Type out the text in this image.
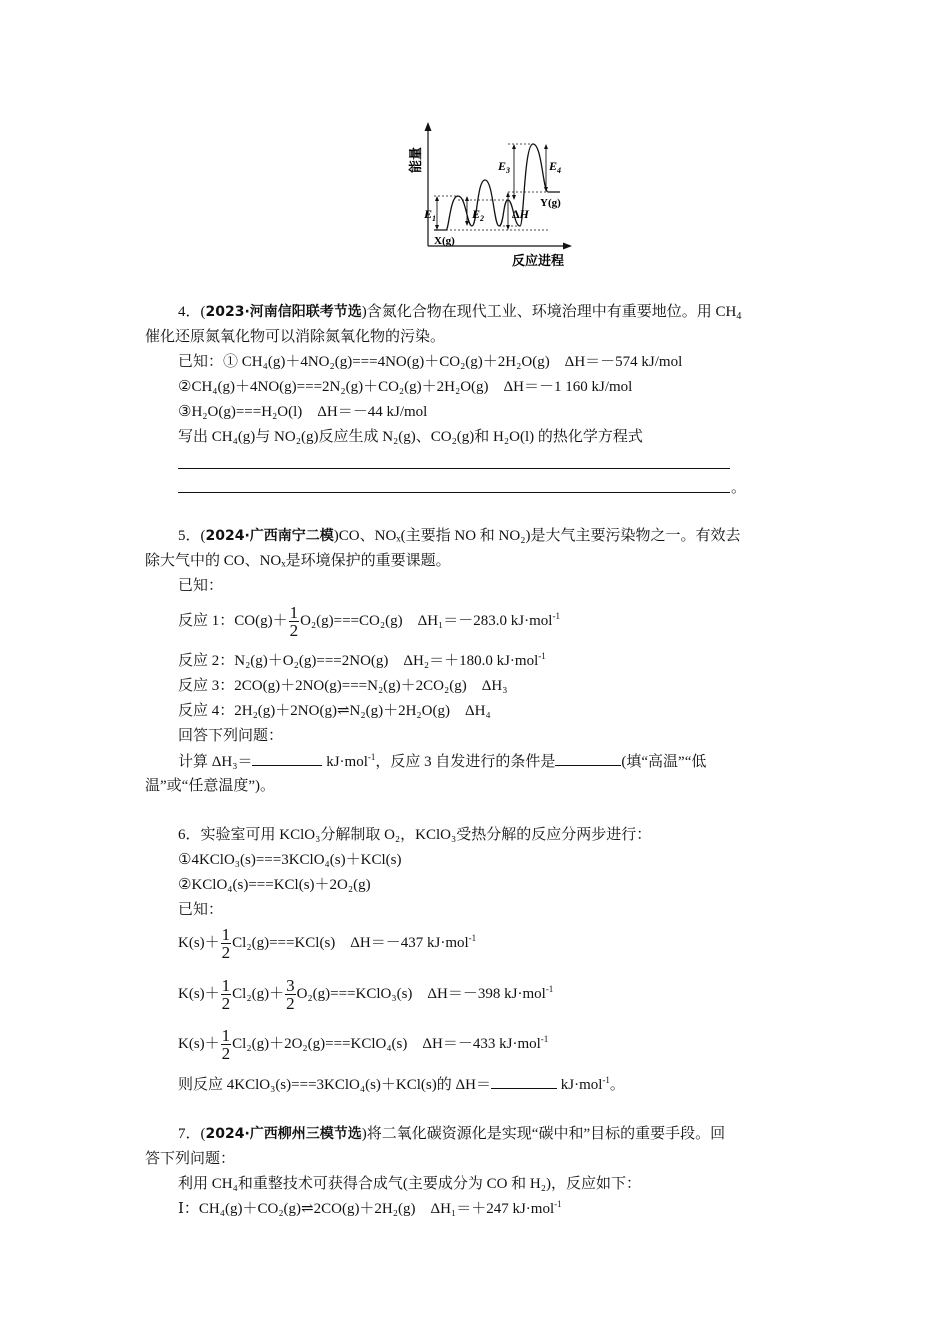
能量
$E_1$	$E_2$
$E_3$	$E_4$
ΔH
X(g)
Y(g)
反应进程
4．(2023·河南信阳联考节选)含氮化合物在现代工业、环境治理中有重要地位。用 $CH_4$
催化还原氮氧化物可以消除氮氧化物的污染。
已知：① CH₄(g)＋4NO₂(g)===4NO(g)＋CO₂(g)＋2H₂O(g)　ΔH＝－574 kJ/mol
②CH₄(g)＋4NO(g)===2N₂(g)＋CO₂(g)＋2H₂O(g)　ΔH＝－1 160 kJ/mol
③H₂O(g)===H₂O(l)　ΔH＝－44 kJ/mol
写出 CH₄(g)与 NO₂(g)反应生成 N₂(g)、CO₂(g)和 H₂O(l) 的热化学方程式
。
5．(2024·广西南宁二模)CO、NOₓ(主要指 NO 和 NO₂)是大气主要污染物之一。有效去
除大气中的 CO、NOₓ是环境保护的重要课题。
已知：
反应 1：$CO(g)+ \frac{1}{2} O_2(g)===CO_2(g)$　ΔH₁＝－283.0 kJ·mol$^{-1}$
反应 2：N₂(g)＋O₂(g)===2NO(g)　ΔH₂＝＋180.0 kJ·mol$^{-1}$
反应 3：2CO(g)＋2NO(g)===N₂(g)＋2CO₂(g)　ΔH₃
反应 4：2H₂(g)＋2NO(g)⇌N₂(g)＋2H₂O(g)　ΔH₄
回答下列问题：
计算 ΔH₃＝	kJ·mol$^{-1}$，反应 3 自发进行的条件是	(填“高温”“低
温”或“任意温度”)。
6．实验室可用 KClO₃分解制取 O₂，KClO₃受热分解的反应分两步进行：
①4KClO₃(s)===3KClO₄(s)＋KCl(s)
②KClO₄(s)===KCl(s)＋2O₂(g)
已知：
$K(s)+ \frac{1}{2} Cl_2(g)===KCl(s)$　ΔH＝－437 kJ·mol$^{-1}$
$K(s)+ \frac{1}{2} Cl_2(g)+ \frac{3}{2}$ O₂(g)===KClO₃(s)　ΔH＝－398 kJ·mol$^{-1}$
$K(s)+ \frac{1}{2}$ Cl₂(g)＋2O₂(g)===KClO₄(s)　ΔH＝－433 kJ·mol$^{-1}$
则反应 4KClO₃(s)===3KClO₄(s)＋KCl(s)的 ΔH＝	kJ·mol$^{-1}$。
7．(2024·广西柳州三模节选)将二氧化碳资源化是实现“碳中和”目标的重要手段。回
答下列问题：
利用 CH₄和重整技术可获得合成气(主要成分为 CO 和 H₂)，反应如下：
Ⅰ：CH₄(g)＋CO₂(g)⇌2CO(g)＋2H₂(g)　ΔH₁＝＋247 kJ·mol$^{-1}$
